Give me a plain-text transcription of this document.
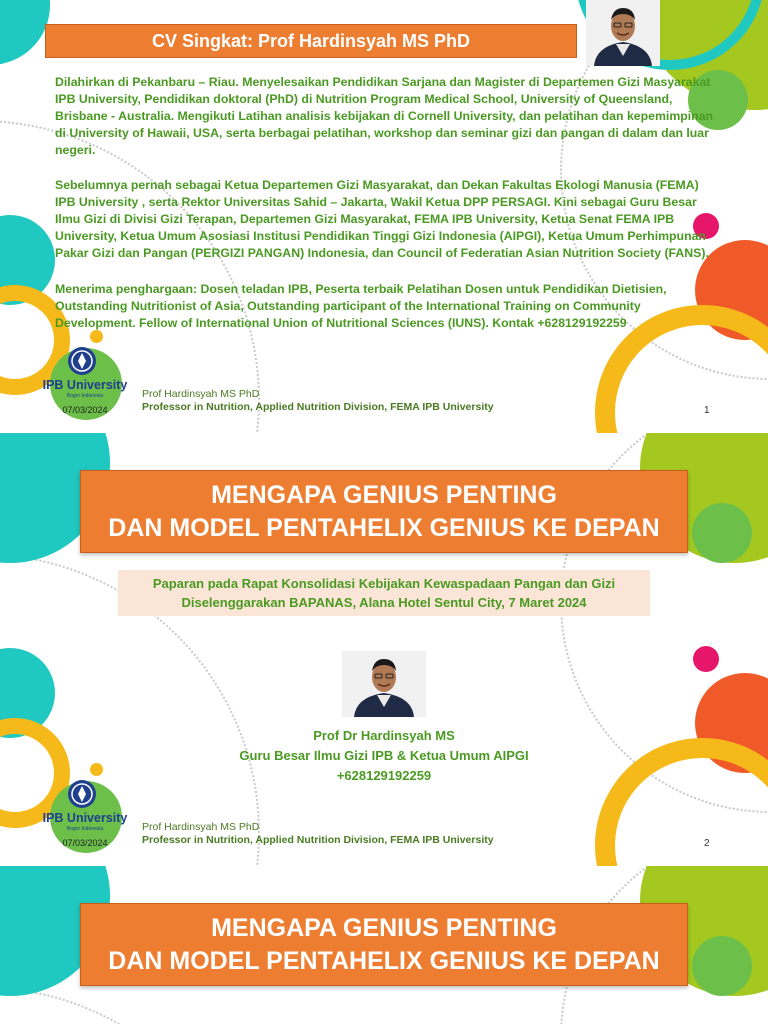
CV Singkat: Prof Hardinsyah MS PhD
Dilahirkan di Pekanbaru – Riau. Menyelesaikan Pendidikan Sarjana dan Magister di Departemen Gizi Masyarakat IPB University, Pendidikan doktoral (PhD) di Nutrition Program Medical School, University of Queensland, Brisbane - Australia. Mengikuti Latihan analisis kebijakan di Cornell University, dan pelatihan dan kepemimpinan di University of Hawaii, USA, serta berbagai pelatihan, workshop dan seminar gizi dan pangan di dalam dan luar negeri.
Sebelumnya pernah sebagai Ketua Departemen Gizi Masyarakat, dan Dekan Fakultas Ekologi Manusia (FEMA) IPB University , serta Rektor Universitas Sahid – Jakarta, Wakil Ketua DPP PERSAGI. Kini sebagai Guru Besar Ilmu Gizi di Divisi Gizi Terapan, Departemen Gizi Masyarakat, FEMA IPB University, Ketua Senat FEMA IPB University, Ketua Umum Asosiasi Institusi Pendidikan Tinggi Gizi Indonesia (AIPGI), Ketua Umum Perhimpunan Pakar Gizi dan Pangan (PERGIZI PANGAN) Indonesia, dan Council of Federatian Asian Nutrition Society (FANS).
Menerima penghargaan: Dosen teladan IPB, Peserta terbaik Pelatihan Dosen untuk Pendidikan Dietisien, Outstanding Nutritionist of Asia, Outstanding participant of the International Training on Community Development. Fellow of International Union of Nutritional Sciences (IUNS). Kontak +628129192259
IPB University
Bogor Indonesia
07/03/2024
Prof Hardinsyah MS PhD
Professor in Nutrition, Applied Nutrition Division, FEMA IPB University	1
MENGAPA GENIUS PENTING
DAN MODEL PENTAHELIX GENIUS KE DEPAN
Paparan pada Rapat Konsolidasi Kebijakan Kewaspadaan Pangan dan Gizi
Diselenggarakan BAPANAS, Alana Hotel Sentul City, 7 Maret 2024
Prof Dr Hardinsyah MS
Guru Besar Ilmu Gizi IPB & Ketua Umum AIPGI
+628129192259
IPB University
Bogor Indonesia
07/03/2024
Prof Hardinsyah MS PhD
Professor in Nutrition, Applied Nutrition Division, FEMA IPB University	2
MENGAPA GENIUS PENTING
DAN MODEL PENTAHELIX GENIUS KE DEPAN
